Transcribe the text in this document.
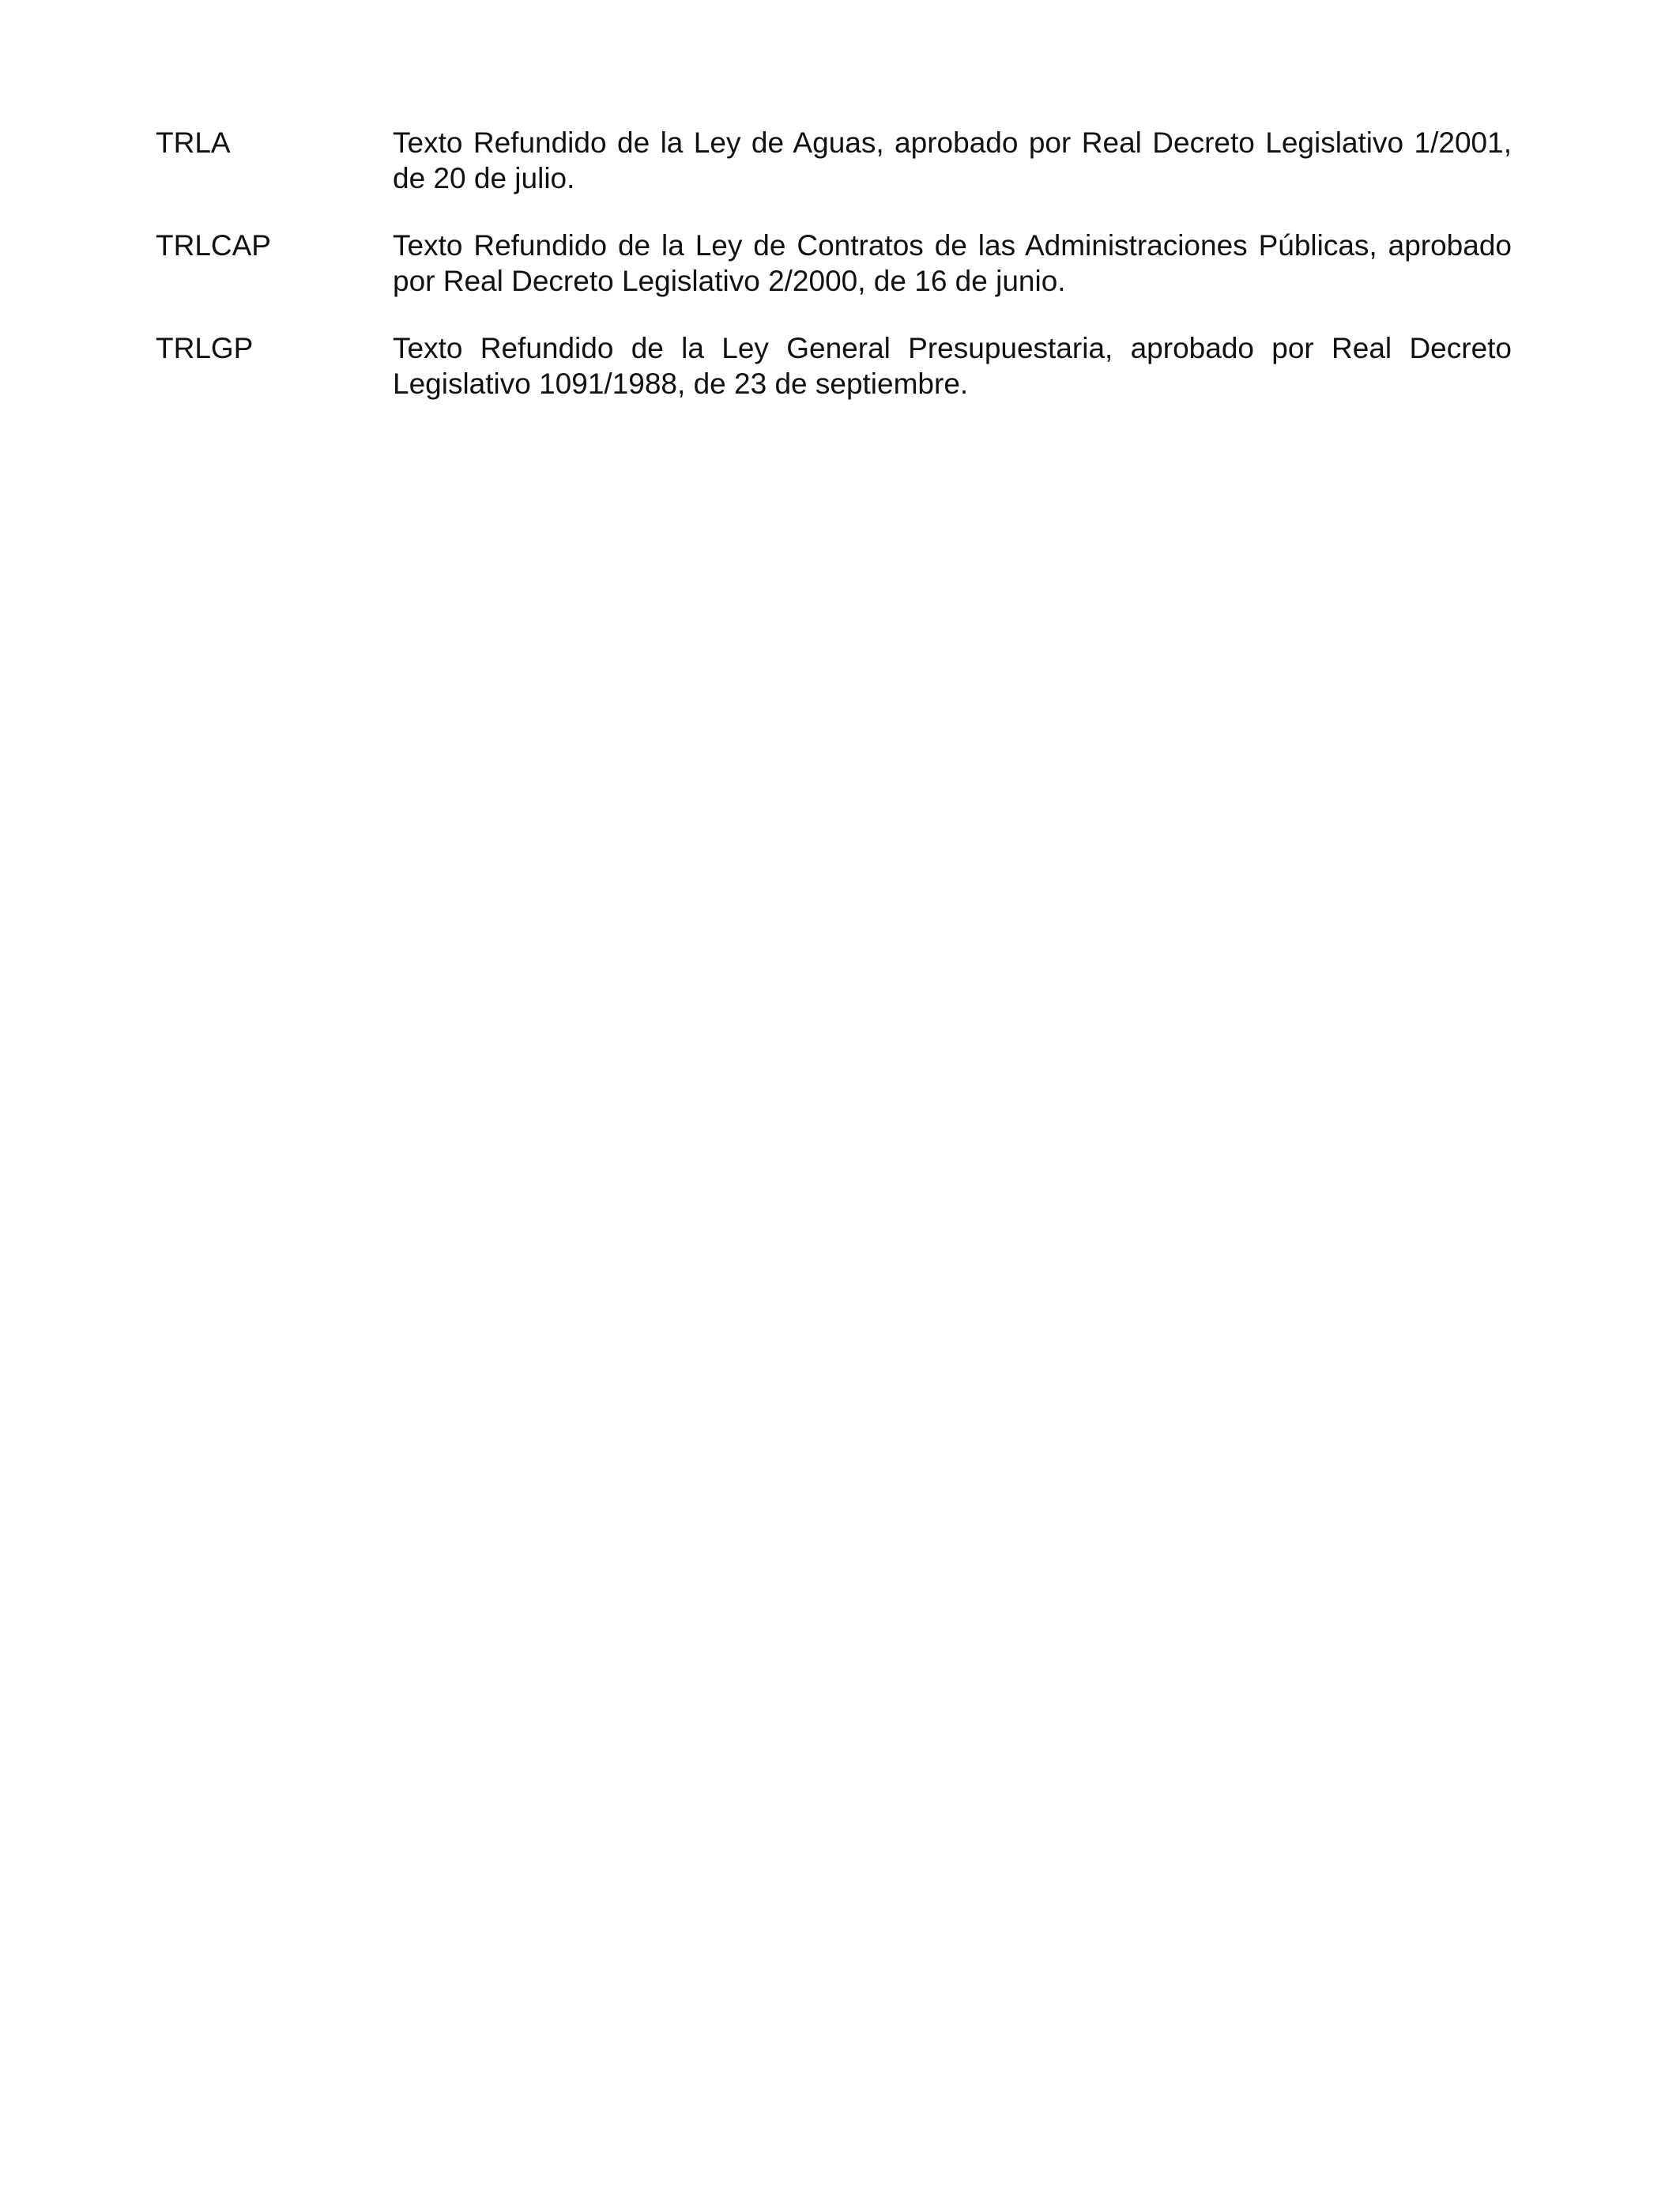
TRLA	Texto Refundido de la Ley de Aguas, aprobado por Real Decreto Legislativo 1/2001, de 20 de julio.
TRLCAP	Texto Refundido de la Ley de Contratos de las Administraciones Públicas, aprobado por Real Decreto Legislativo 2/2000, de 16 de junio.
TRLGP	Texto Refundido de la Ley General Presupuestaria, aprobado por Real Decreto Legislativo 1091/1988, de 23 de septiembre.
